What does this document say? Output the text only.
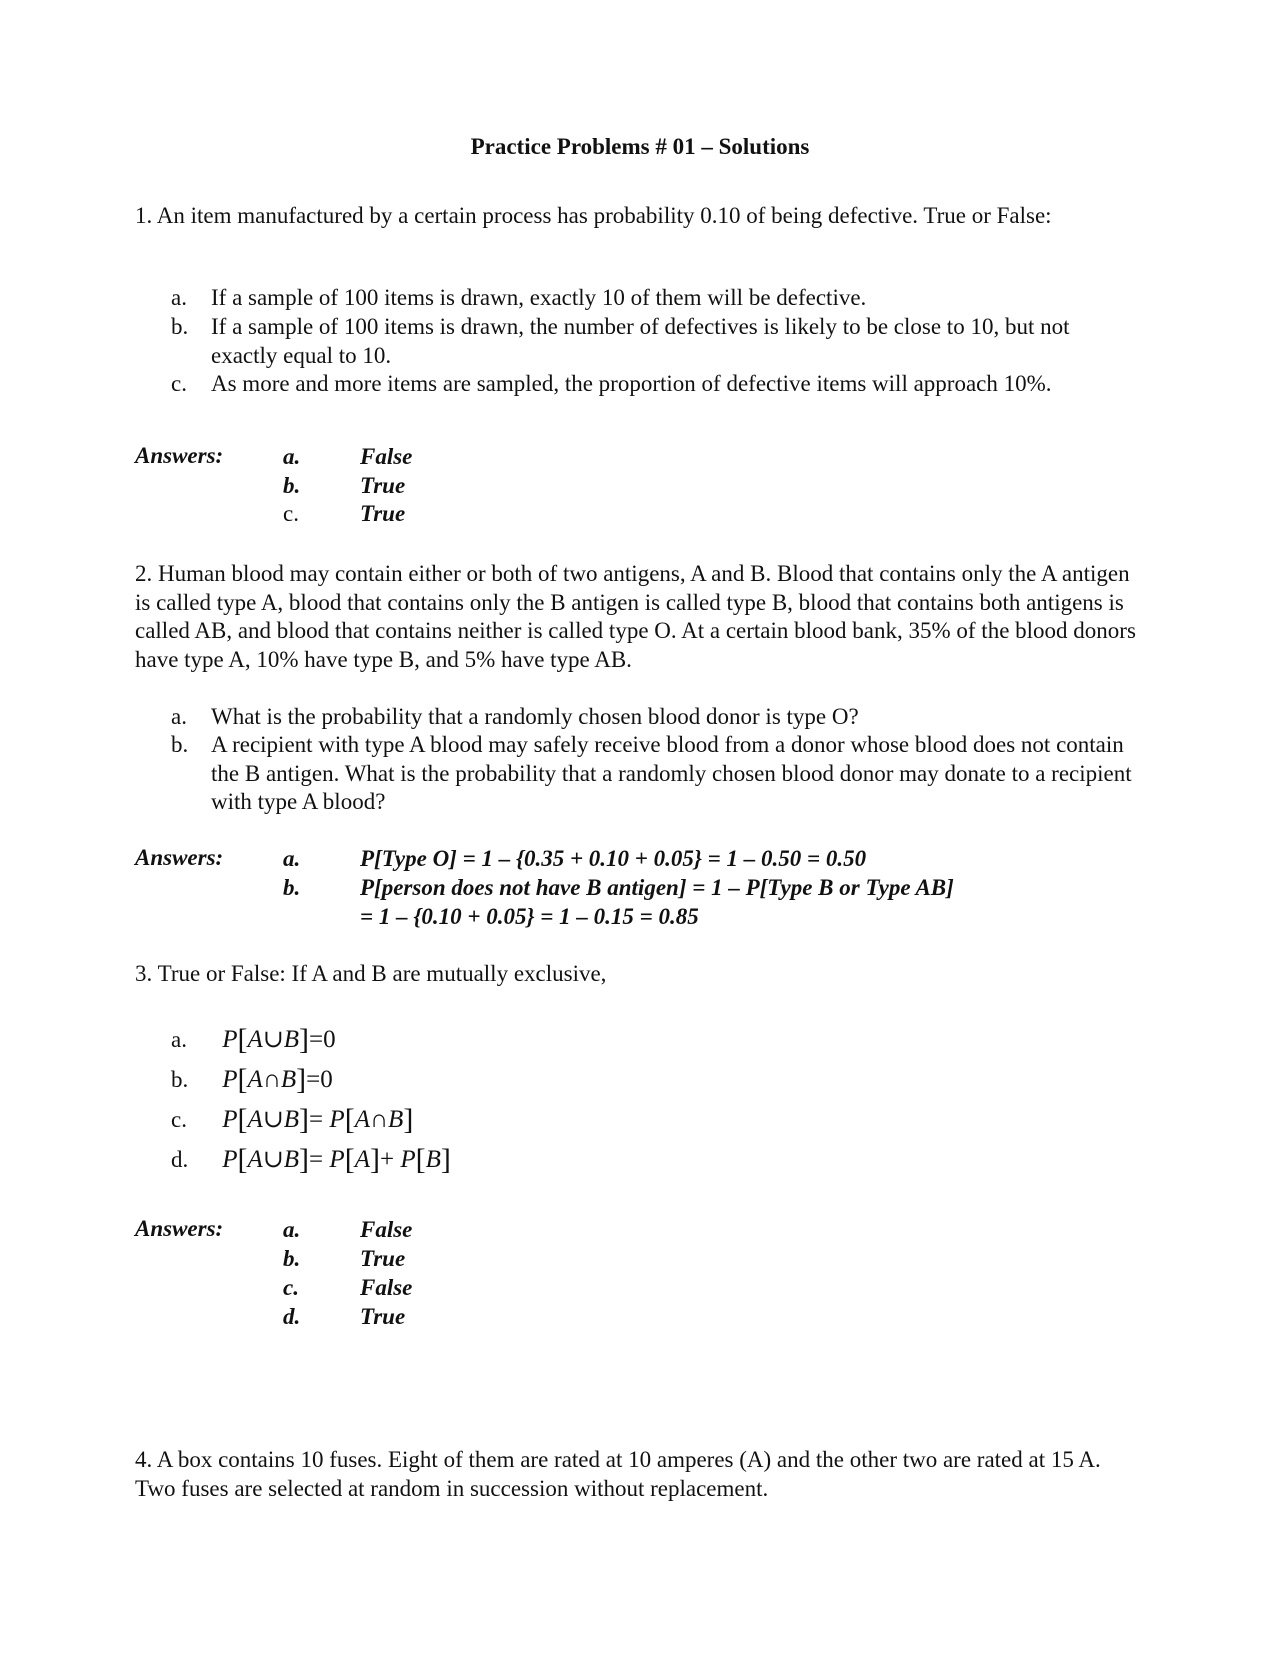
Practice Problems # 01 – Solutions

1. An item manufactured by a certain process has probability 0.10 of being defective. True or False:

a.	If a sample of 100 items is drawn, exactly 10 of them will be defective.
b. If a sample of 100 items is drawn, the number of defectives is likely to be close to 10, but not exactly equal to 10.
c.	As more and more items are sampled, the proportion of defective items will approach 10%.
Answers:	a.	False
b.	True
c.	True

2. Human blood may contain either or both of two antigens, A and B. Blood that contains only the A antigen is called type A, blood that contains only the B antigen is called type B, blood that contains both antigens is called AB, and blood that contains neither is called type O. At a certain blood bank, 35% of the blood donors have type A, 10% have type B, and 5% have type AB.

a.	What is the probability that a randomly chosen blood donor is type O?
b. A recipient with type A blood may safely receive blood from a donor whose blood does not contain the B antigen. What is the probability that a randomly chosen blood donor may donate to a recipient with type A blood?
Answers:	a.	P[Type O] = 1 – {0.35 + 0.10 + 0.05} = 1 – 0.50 = 0.50
b.	P[person does not have B antigen] = 1 – P[Type B or Type AB]
= 1 – {0.10 + 0.05} = 1 – 0.15 = 0.85

3. True or False: If A and B are mutually exclusive,

a. P[A∪B]=0
b. P[A∩B]=0
c. P[A∪B]= P[A∩B]
d. P[A∪B]= P[A]+ P[B]
Answers:	a.	False
b.	True
c.	False
d.	True

4. A box contains 10 fuses. Eight of them are rated at 10 amperes (A) and the other two are rated at 15 A. Two fuses are selected at random in succession without replacement.
